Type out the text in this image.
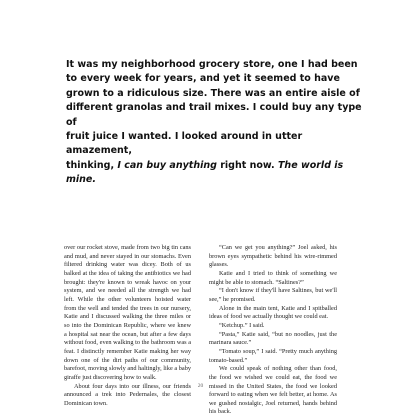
It was my neighborhood grocery store, one I had been
to every week for years, and yet it seemed to have
grown to a ridiculous size. There was an entire aisle of
different granolas and trail mixes. I could buy any type of
fruit juice I wanted. I looked around in utter amazement,
thinking, I can buy anything right now. The world is mine.

over our rocket stove, made from two big tin cans and mud, and never stayed in our stomachs. Even filtered drinking water was dicey. Both of us balked at the idea of taking the antibiotics we had brought: they're known to wreak havoc on your system, and we needed all the strength we had left. While the other volunteers hoisted water from the well and tended the trees in our nursery, Katie and I discussed walking the three miles or so into the Dominican Republic, where we knew a hospital sat near the ocean, but after a few days without food, even walking to the bathroom was a feat. I distinctly remember Katie making her way down one of the dirt paths of our community, barefoot, moving slowly and haltingly, like a baby giraffe just discovering how to walk.

About four days into our illness, our friends announced a trek into Pedernales, the closest Dominican town.

“Can we get you anything?” Joel asked, his brown eyes sympathetic behind his wire-rimmed glasses.

Katie and I tried to think of something we might be able to stomach. “Saltines?”

“I don't know if they'll have Saltines, but we'll see,” he promised.

Alone in the main tent, Katie and I spitballed ideas of food we actually thought we could eat.

“Ketchup.” I said.

“Pasta,” Katie said, “but no noodles, just the marinara sauce.”

“Tomato soup,” I said. “Pretty much anything tomato-based.”

We could speak of nothing other than food, the food we wished we could eat, the food we missed in the United States, the food we looked forward to eating when we felt better, at home. As we gushed nostalgic, Joel returned, hands behind his back.

20
